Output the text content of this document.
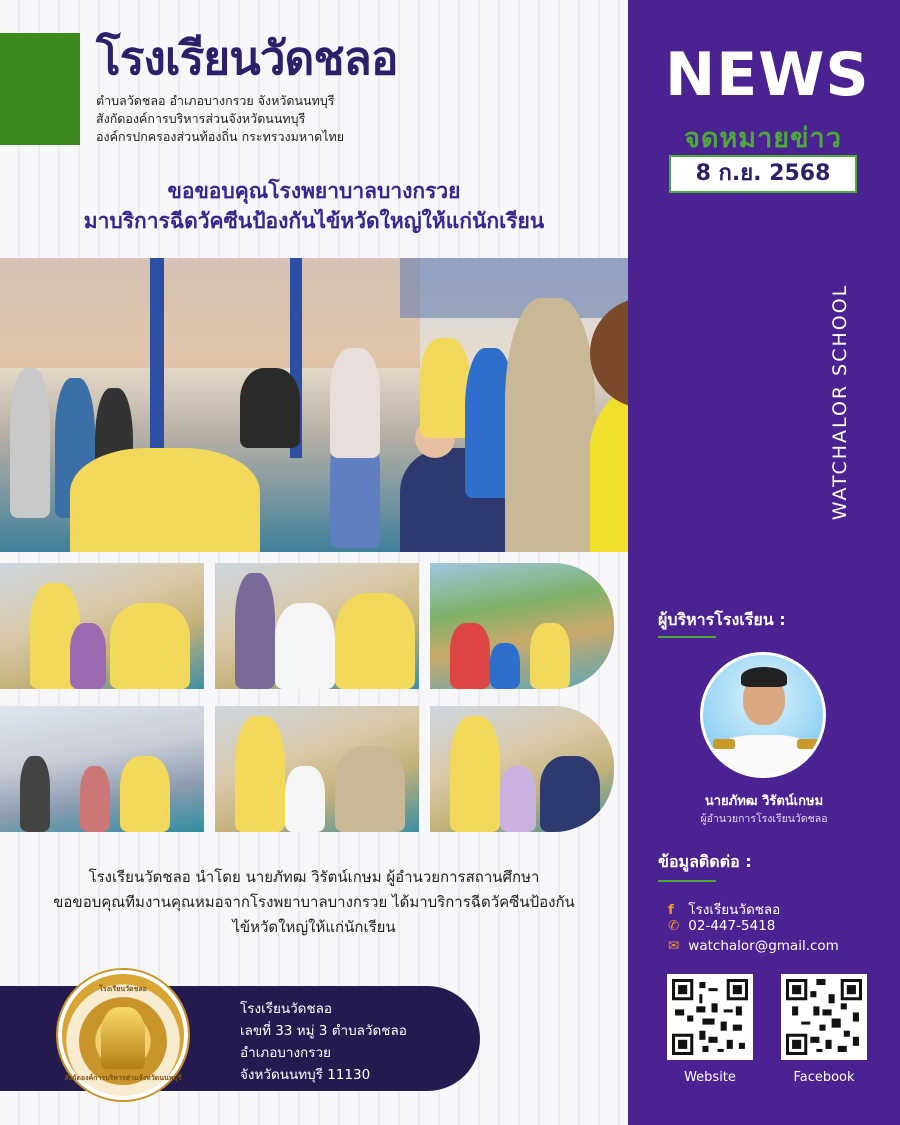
โรงเรียนวัดชลอ
ตำบลวัดชลอ อำเภอบางกรวย จังหวัดนนทบุรี
สังกัดองค์การบริหารส่วนจังหวัดนนทบุรี
องค์กรปกครองส่วนท้องถิ่น กระทรวงมหาดไทย
ขอขอบคุณโรงพยาบาลบางกรวย
มาบริการฉีดวัคซีนป้องกันไข้หวัดใหญ่ให้แก่นักเรียน
โรงเรียนวัดชลอ นำโดย นายภัทฒ วิรัตน์เกษม ผู้อำนวยการสถานศึกษา
ขอขอบคุณทีมงานคุณหมอจากโรงพยาบาลบางกรวย ได้มาบริการฉีดวัคซีนป้องกัน
ไข้หวัดใหญ่ให้แก่นักเรียน
โรงเรียนวัดชลอ
สังกัดองค์การบริหารส่วนจังหวัดนนทบุรี
โรงเรียนวัดชลอ
เลขที่ 33 หมู่ 3 ตำบลวัดชลอ
อำเภอบางกรวย
จังหวัดนนทบุรี 11130
NEWS
จดหมายข่าว
8 ก.ย. 2568
WATCHALOR SCHOOL
ผู้บริหารโรงเรียน :
นายภัทฒ วิรัตน์เกษม
ผู้อำนวยการโรงเรียนวัดชลอ
ข้อมูลติดต่อ :
f โรงเรียนวัดชลอ
✆ 02-447-5418
✉ watchalor@gmail.com
Website	Facebook
